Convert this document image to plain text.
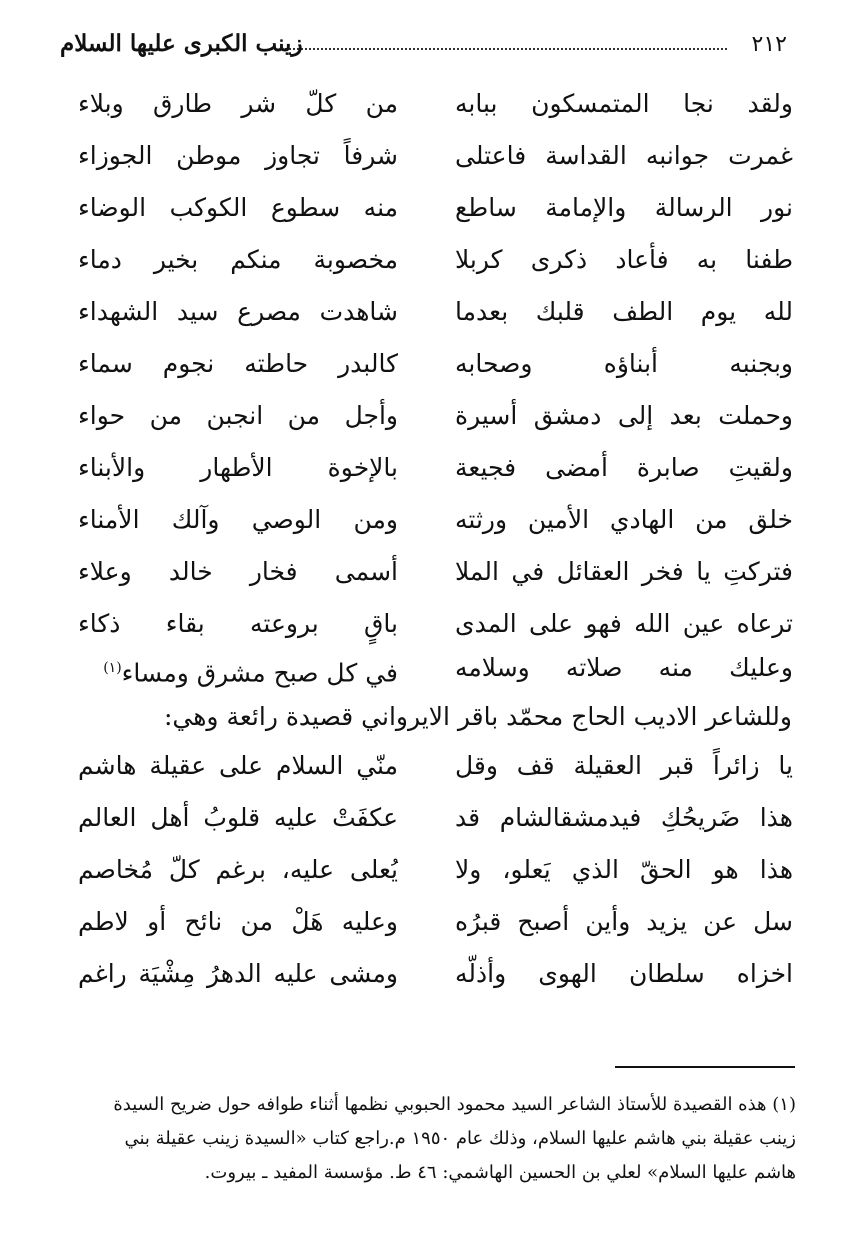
٢١٢
زينب الكبرى عليها السلام
ولقد نجا المتمسكون ببابه
من كلّ شر طارق وبلاء
غمرت جوانبه القداسة فاعتلى
شرفاً تجاوز موطن الجوزاء
نور الرسالة والإمامة ساطع
منه سطوع الكوكب الوضاء
طفنا به فأعاد ذكرى كربلا
مخصوبة منكم بخير دماء
لله يوم الطف قلبك بعدما
شاهدت مصرع سيد الشهداء
وبجنبه أبناؤه وصحابه
كالبدر حاطته نجوم سماء
وحملت بعد إلى دمشق أسيرة
وأجل من انجبن من حواء
ولقيتِ صابرة أمضى فجيعة
بالإخوة الأطهار والأبناء
خلق من الهادي الأمين ورثته
ومن الوصي وآلك الأمناء
فتركتِ يا فخر العقائل في الملا
أسمى فخار خالد وعلاء
ترعاه عين الله فهو على المدى
باقٍ بروعته بقاء ذكاء
وعليك منه صلاته وسلامه
في كل صبح مشرق ومساء$^{(١)}$
وللشاعر الاديب الحاج محمّد باقر الايرواني قصيدة رائعة وهي:
يا زائراً قبر العقيلة قف وقل
منّي السلام على عقيلة هاشم
هذا ضَريحُكِ فيدمشقالشام قد
عكفَتْ عليه قلوبُ أهل العالم
هذا هو الحقّ الذي يَعلو، ولا
يُعلى عليه، برغم كلّ مُخاصم
سل عن يزيد وأين أصبح قبرُه
وعليه هَلْ من نائح أو لاطم
اخزاه سلطان الهوى وأذلّه
ومشى عليه الدهرُ مِشْيَة راغم

(١) هذه القصيدة للأستاذ الشاعر السيد محمود الحبوبي نظمها أثناء طوافه حول ضريح السيدة

زينب عقيلة بني هاشم عليها السلام، وذلك عام ١٩٥٠ م.راجع كتاب «السيدة زينب عقيلة بني

هاشم عليها السلام» لعلي بن الحسين الهاشمي: ٤٦ ط. مؤسسة المفيد ـ بيروت.
